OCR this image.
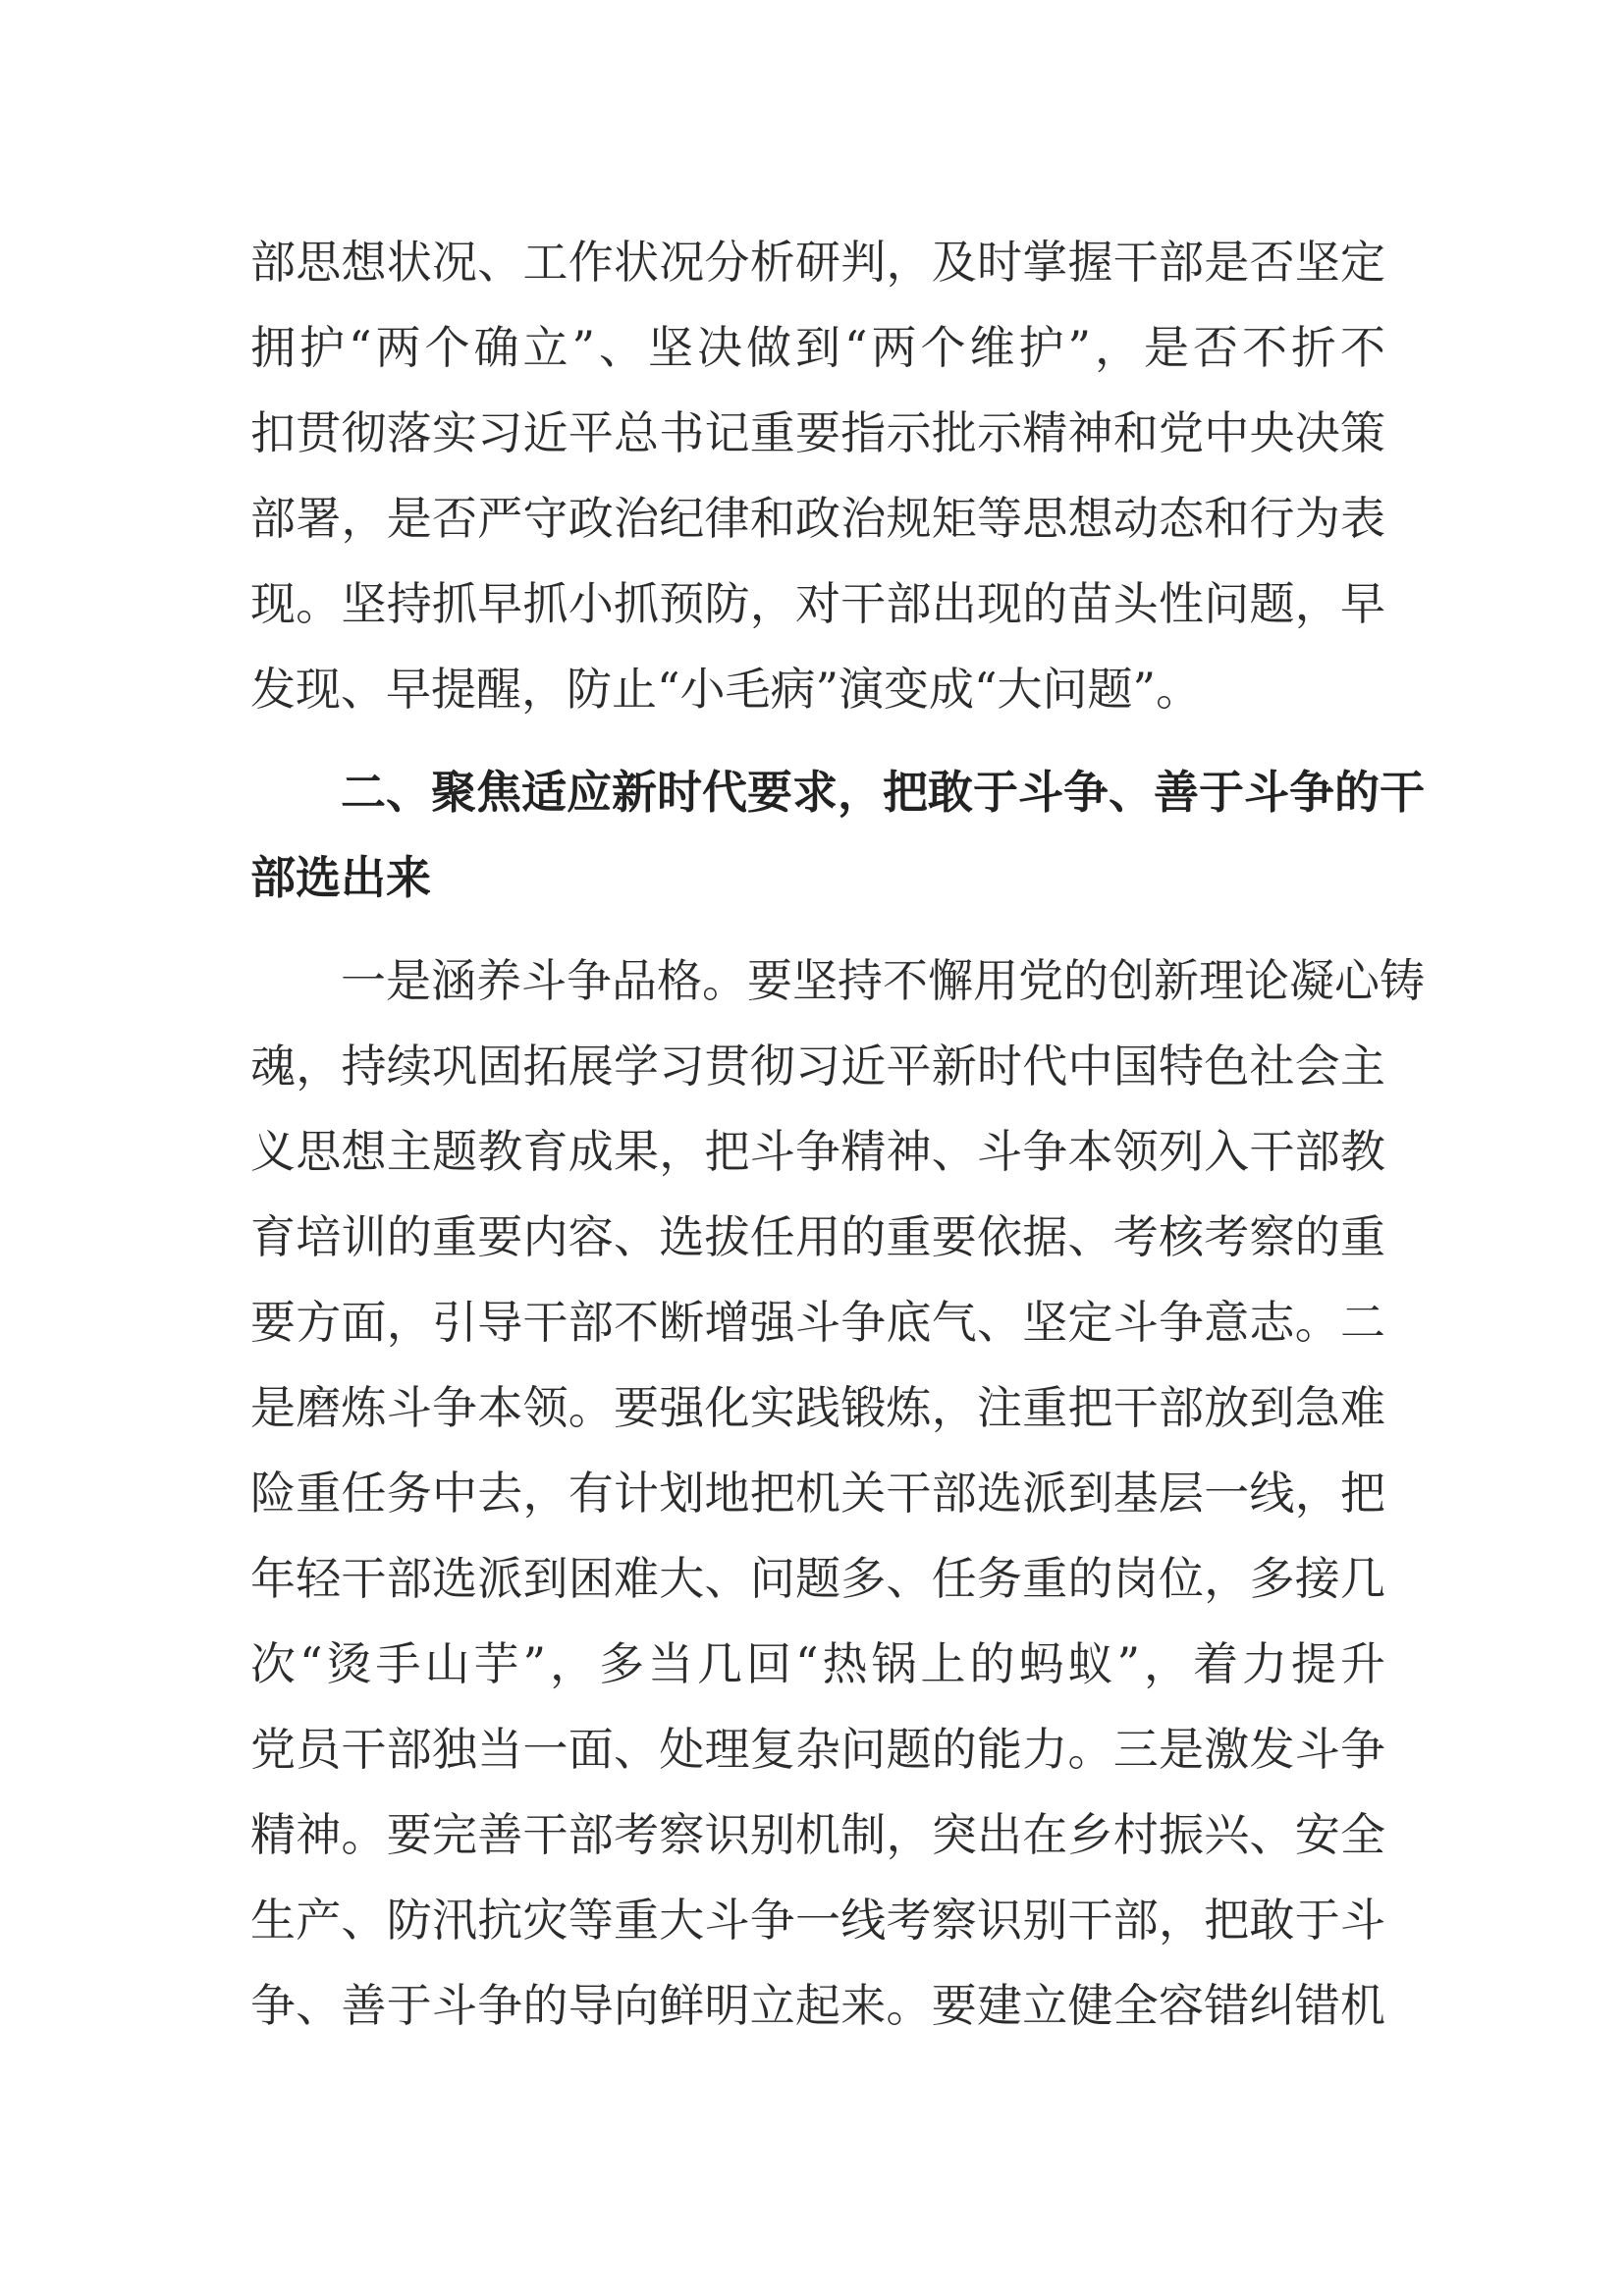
部思想状况、工作状况分析研判，及时掌握干部是否坚定
拥护“两个确立”、坚决做到“两个维护”，是否不折不
扣贯彻落实习近平总书记重要指示批示精神和党中央决策
部署，是否严守政治纪律和政治规矩等思想动态和行为表
现。坚持抓早抓小抓预防，对干部出现的苗头性问题，早
发现、早提醒，防止“小毛病”演变成“大问题”。
二、聚焦适应新时代要求，把敢于斗争、善于斗争的干
部选出来
一是涵养斗争品格。要坚持不懈用党的创新理论凝心铸
魂，持续巩固拓展学习贯彻习近平新时代中国特色社会主
义思想主题教育成果，把斗争精神、斗争本领列入干部教
育培训的重要内容、选拔任用的重要依据、考核考察的重
要方面，引导干部不断增强斗争底气、坚定斗争意志。二
是磨炼斗争本领。要强化实践锻炼，注重把干部放到急难
险重任务中去，有计划地把机关干部选派到基层一线，把
年轻干部选派到困难大、问题多、任务重的岗位，多接几
次“烫手山芋”，多当几回“热锅上的蚂蚁”，着力提升
党员干部独当一面、处理复杂问题的能力。三是激发斗争
精神。要完善干部考察识别机制，突出在乡村振兴、安全
生产、防汛抗灾等重大斗争一线考察识别干部，把敢于斗
争、善于斗争的导向鲜明立起来。要建立健全容错纠错机
